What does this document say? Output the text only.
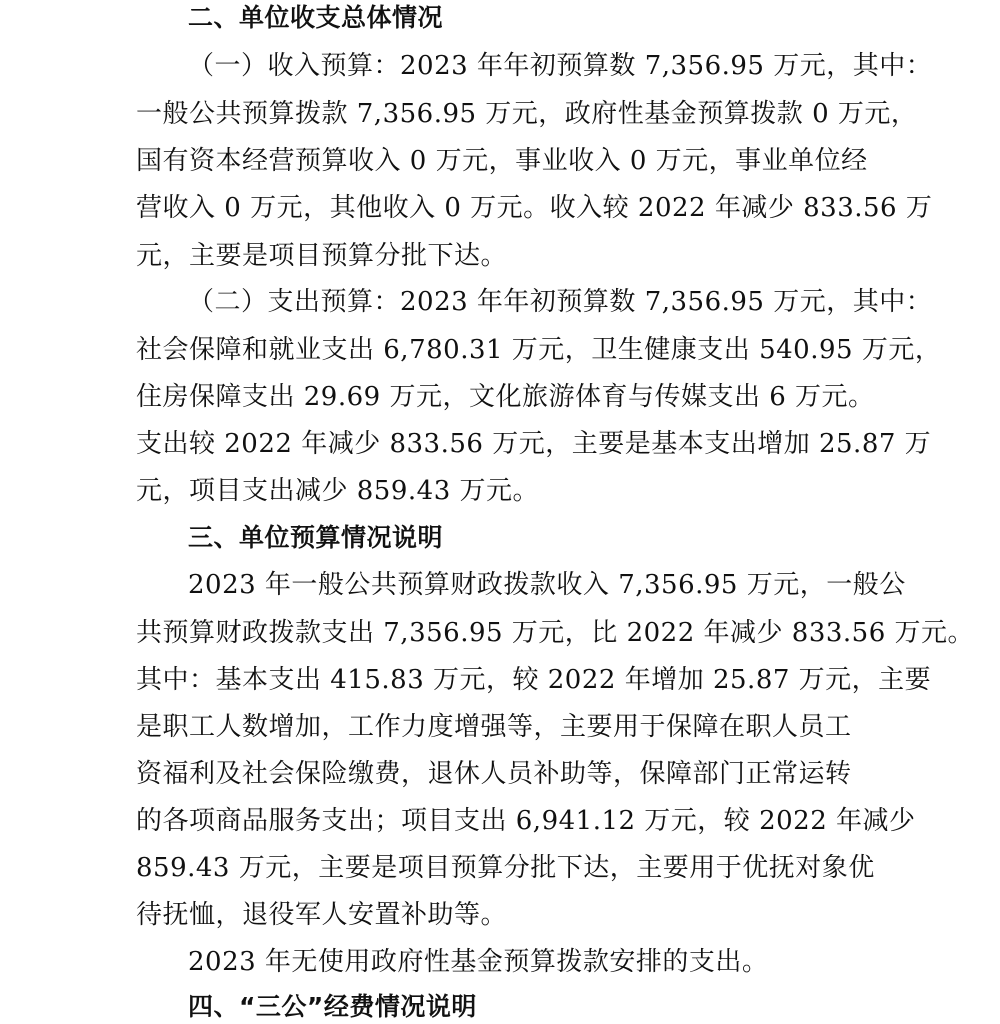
二、单位收支总体情况
（一）收入预算：2023 年年初预算数 7,356.95 万元，其中：
一般公共预算拨款 7,356.95 万元，政府性基金预算拨款 0 万元，
国有资本经营预算收入 0 万元，事业收入 0 万元，事业单位经
营收入 0 万元，其他收入 0 万元。收入较 2022 年减少 833.56 万
元，主要是项目预算分批下达。
（二）支出预算：2023 年年初预算数 7,356.95 万元，其中：
社会保障和就业支出 6,780.31 万元，卫生健康支出 540.95 万元，
住房保障支出 29.69 万元，文化旅游体育与传媒支出 6 万元。
支出较 2022 年减少 833.56 万元，主要是基本支出增加 25.87 万
元，项目支出减少 859.43 万元。
三、单位预算情况说明
2023 年一般公共预算财政拨款收入 7,356.95 万元，一般公
共预算财政拨款支出 7,356.95 万元，比 2022 年减少 833.56 万元。
其中：基本支出 415.83 万元，较 2022 年增加 25.87 万元，主要
是职工人数增加，工作力度增强等，主要用于保障在职人员工
资福利及社会保险缴费，退休人员补助等，保障部门正常运转
的各项商品服务支出；项目支出 6,941.12 万元，较 2022 年减少
859.43 万元，主要是项目预算分批下达，主要用于优抚对象优
待抚恤，退役军人安置补助等。
2023 年无使用政府性基金预算拨款安排的支出。
四、“三公”经费情况说明
